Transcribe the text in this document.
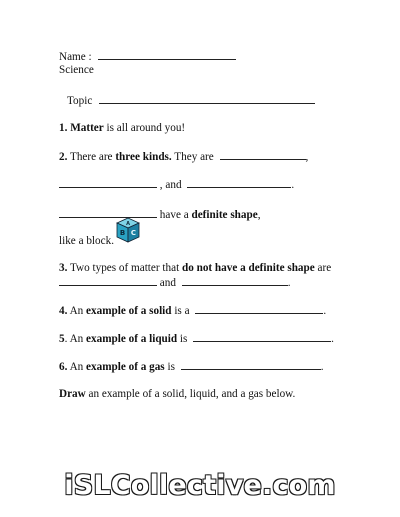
Name :
Science
Topic
1. Matter is all around you!
2. There are three kinds. They are	,
, and	.
have a definite shape,
like a block.
A
B C
3. Two types of matter that do not have a definite shape are
and	.
4. An example of a solid is a	.
5. An example of a liquid is	.
6. An example of a gas is	.
Draw an example of a solid, liquid, and a gas below.
iSLCollective.com
